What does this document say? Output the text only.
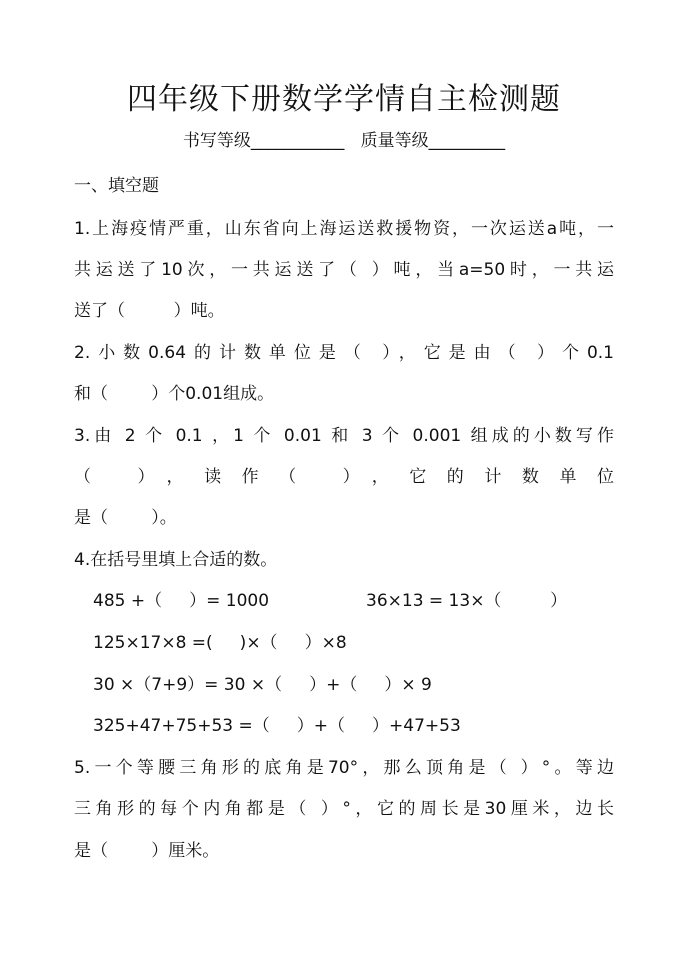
四年级下册数学学情自主检测题
书写等级___________   质量等级_________
一、填空题
1.上海疫情严重，山东省向上海运送救援物资，一次运送a吨，一
共运送了10次，一共运送了（ ）吨，当a=50时，一共运
送了（         ）吨。
2.小数0.64的计数单位是（ ），它是由（ ）个0.1
和（        ）个0.01组成。
3.由 2 个 0.1 ，1 个 0.01 和 3 个 0.001 组成的小数写作
（ ），读作（ ），它的计数单位
是（        ）。
4.在括号里填上合适的数。
485 +（     ）= 1000	36×13 = 13×（         ）
125×17×8 =(     )×（     ）×8
30 ×（7+9）= 30 ×（     ）+（     ）× 9
325+47+75+53 =（     ）+（     ）+47+53
5.一个等腰三角形的底角是70°，那么顶角是（ ）°。等边
三角形的每个内角都是（ ）°，它的周长是30厘米，边长
是（        ）厘米。
